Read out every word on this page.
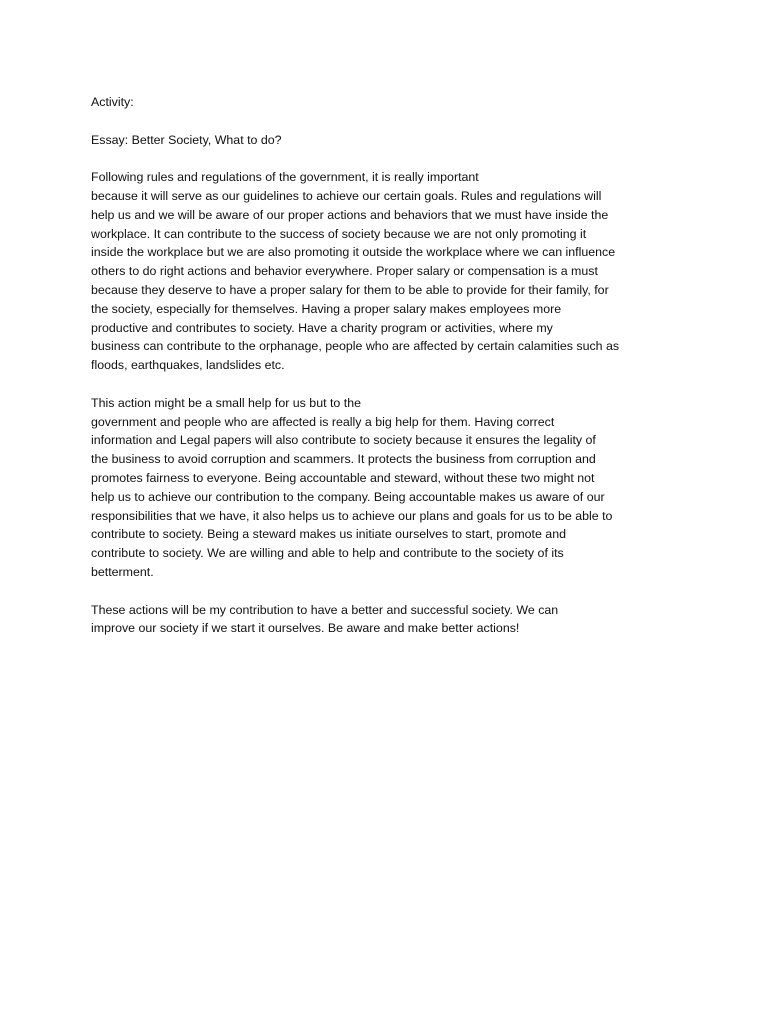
Activity:
Essay: Better Society, What to do?
Following rules and regulations of the government, it is really important
because it will serve as our guidelines to achieve our certain goals. Rules and regulations will
help us and we will be aware of our proper actions and behaviors that we must have inside the
workplace. It can contribute to the success of society because we are not only promoting it
inside the workplace but we are also promoting it outside the workplace where we can influence
others to do right actions and behavior everywhere. Proper salary or compensation is a must
because they deserve to have a proper salary for them to be able to provide for their family, for
the society, especially for themselves. Having a proper salary makes employees more
productive and contributes to society. Have a charity program or activities, where my
business can contribute to the orphanage, people who are affected by certain calamities such as
floods, earthquakes, landslides etc.
This action might be a small help for us but to the
government and people who are affected is really a big help for them. Having correct
information and Legal papers will also contribute to society because it ensures the legality of
the business to avoid corruption and scammers. It protects the business from corruption and
promotes fairness to everyone. Being accountable and steward, without these two might not
help us to achieve our contribution to the company. Being accountable makes us aware of our
responsibilities that we have, it also helps us to achieve our plans and goals for us to be able to
contribute to society. Being a steward makes us initiate ourselves to start, promote and
contribute to society. We are willing and able to help and contribute to the society of its
betterment.
These actions will be my contribution to have a better and successful society. We can
improve our society if we start it ourselves. Be aware and make better actions!
